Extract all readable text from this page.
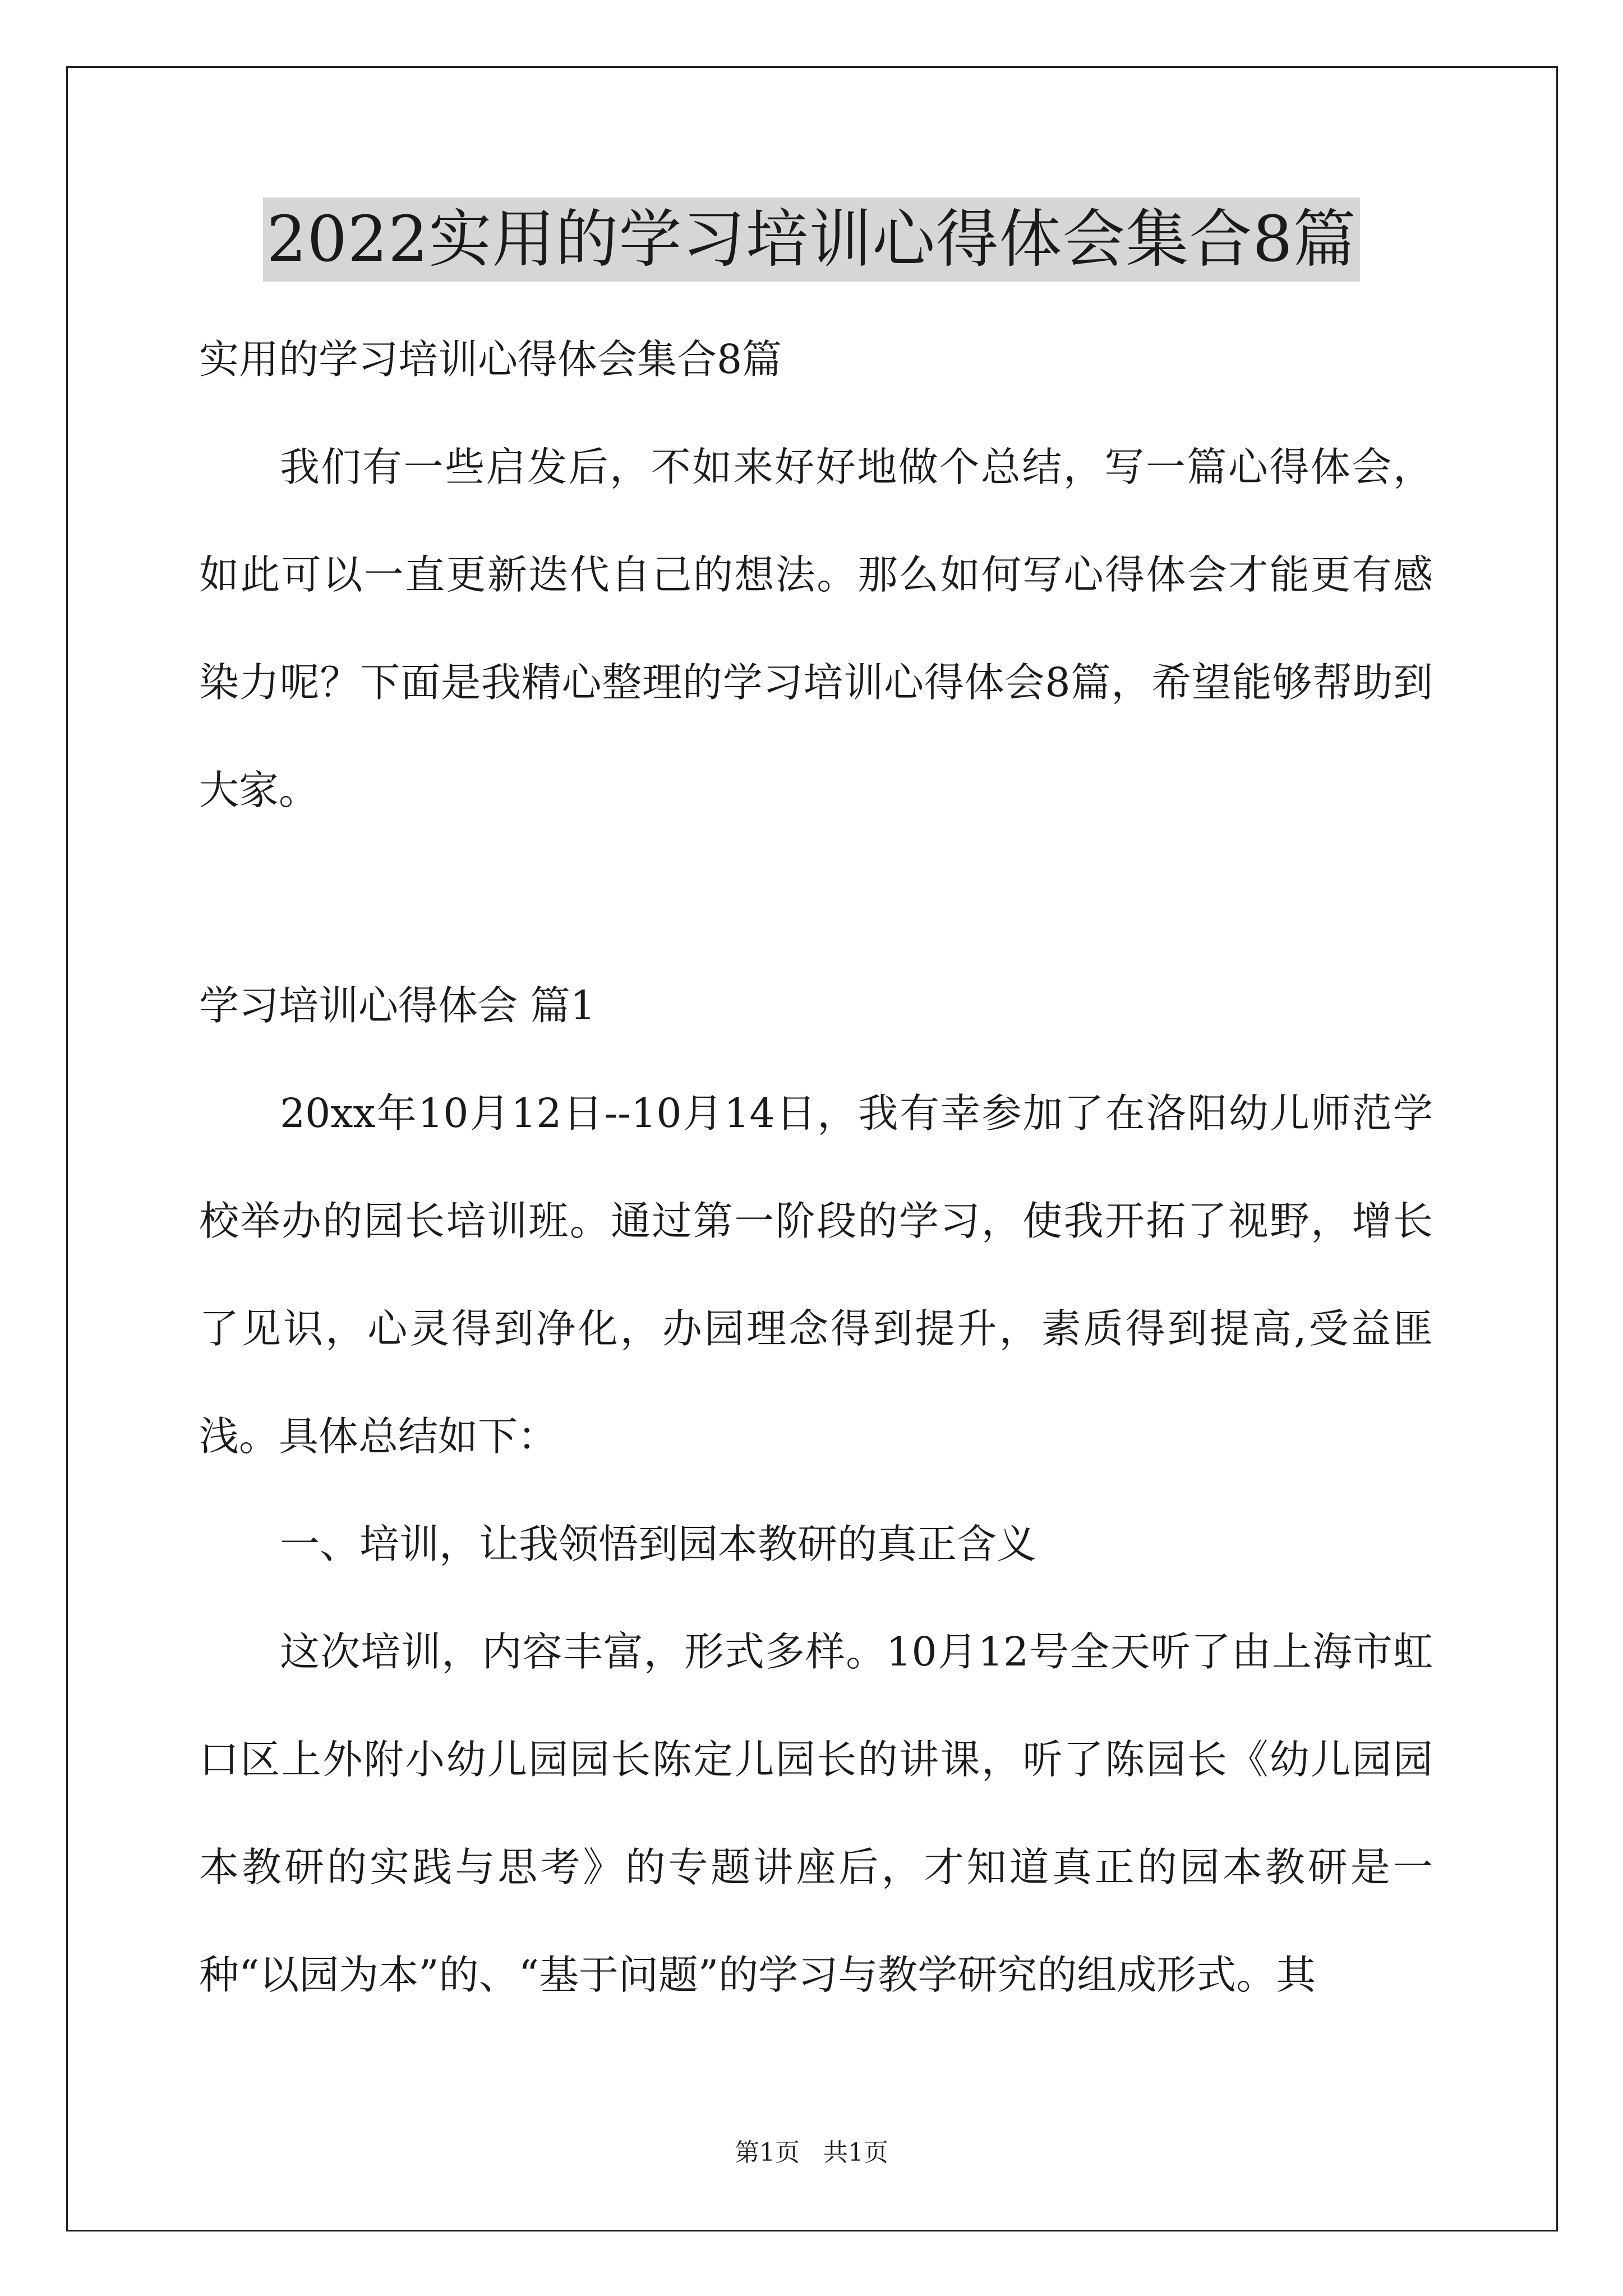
2022实用的学习培训心得体会集合8篇

实用的学习培训心得体会集合8篇

我们有一些启发后，不如来好好地做个总结，写一篇心得体会，如此可以一直更新迭代自己的想法。那么如何写心得体会才能更有感染力呢？下面是我精心整理的学习培训心得体会8篇，希望能够帮助到大家。

学习培训心得体会 篇1

20xx年10月12日--10月14日，我有幸参加了在洛阳幼儿师范学校举办的园长培训班。通过第一阶段的学习，使我开拓了视野，增长了见识，心灵得到净化，办园理念得到提升，素质得到提高,受益匪浅。具体总结如下：

一、培训，让我领悟到园本教研的真正含义

这次培训，内容丰富，形式多样。10月12号全天听了由上海市虹口区上外附小幼儿园园长陈定儿园长的讲课，听了陈园长《幼儿园园本教研的实践与思考》的专题讲座后，才知道真正的园本教研是一种“以园为本”的、“基于问题”的学习与教学研究的组成形式。其

第1页   共1页
